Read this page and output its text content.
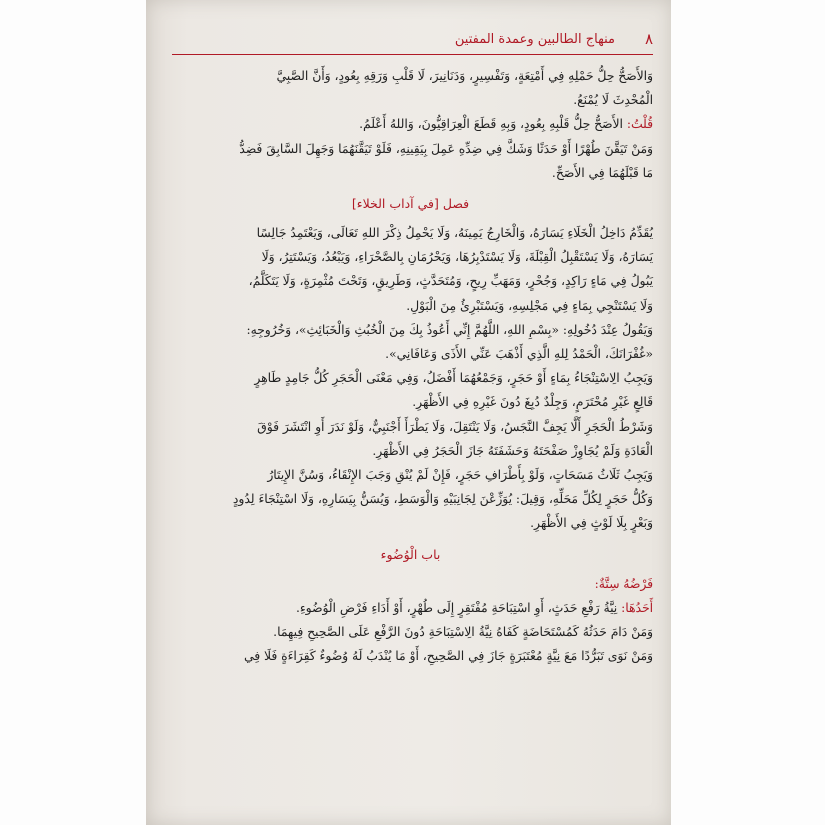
٨
منهاج الطالبين وعمدة المفتين

وَالأَصَحُّ حِلُّ حَمْلِهِ فِي أَمْتِعَةٍ، وَتَفْسِيرٍ، وَدَنَانِيرَ، لَا قَلْبِ وَرَقِهِ بِعُودٍ، وَأَنَّ الصَّبِيَّ

الْمُحْدِثَ لَا يُمْنَعُ.

قُلْتُ: الأَصَحُّ حِلُّ قَلْبِهِ بِعُودٍ، وَبِهِ قَطَعَ الْعِرَاقِيُّونَ، وَاللهُ أَعْلَمُ.

وَمَنْ تَيَقَّنَ طُهْرًا أَوْ حَدَثًا وَشَكَّ فِي ضِدِّهِ عَمِلَ بِيَقِينِهِ، فَلَوْ تَيَقَّنَهُمَا وَجَهِلَ السَّابِقَ فَضِدُّ

مَا قَبْلَهُمَا فِي الأَصَحِّ.

فصل [في آداب الخلاء]

يُقَدِّمُ دَاخِلُ الْخَلَاءِ يَسَارَهُ، وَالْخَارِجُ يَمِينَهُ، وَلَا يَحْمِلُ ذِكْرَ اللهِ تَعَالَى، وَيَعْتَمِدُ جَالِسًا

يَسَارَهُ، وَلَا يَسْتَقْبِلُ الْقِبْلَةَ، وَلَا يَسْتَدْبِرُهَا، وَيَحْرُمَانِ بِالصَّحْرَاءِ، وَيَبْعُدُ، وَيَسْتَتِرُ، وَلَا

يَبُولُ فِي مَاءٍ رَاكِدٍ، وَجُحْرٍ، وَمَهَبِّ رِيحٍ، وَمُتَحَدَّثٍ، وَطَرِيقٍ، وَتَحْتَ مُثْمِرَةٍ، وَلَا يَتَكَلَّمُ،

وَلَا يَسْتَنْجِي بِمَاءٍ فِي مَجْلِسِهِ، وَيَسْتَبْرِئُ مِنَ الْبَوْلِ.

وَيَقُولُ عِنْدَ دُخُولِهِ: «بِسْمِ اللهِ، اللَّهُمَّ إِنِّي أَعُوذُ بِكَ مِنَ الْخُبُثِ وَالْخَبَائِثِ»، وَخُرُوجِهِ:

«غُفْرَانَكَ، الْحَمْدُ لِلهِ الَّذِي أَذْهَبَ عَنِّي الأَذَى وَعَافَانِي».

وَيَجِبُ الِاسْتِنْجَاءُ بِمَاءٍ أَوْ حَجَرٍ، وَجَمْعُهُمَا أَفْضَلُ، وَفِي مَعْنَى الْحَجَرِ كُلُّ جَامِدٍ طَاهِرٍ

قَالِعٍ غَيْرِ مُحْتَرَمٍ، وَجِلْدٌ دُبِغَ دُونَ غَيْرِهِ فِي الأَظْهَرِ.

وَشَرْطُ الْحَجَرِ أَلَّا يَجِفَّ النَّجَسُ، وَلَا يَنْتَقِلَ، وَلَا يَطْرَأَ أَجْنَبِيٌّ، وَلَوْ نَدَرَ أَوِ انْتَشَرَ فَوْقَ

الْعَادَةِ وَلَمْ يُجَاوِزْ صَفْحَتَهُ وَحَشَفَتَهُ جَازَ الْحَجَرُ فِي الأَظْهَرِ.

وَيَجِبُ ثَلَاثُ مَسَحَاتٍ، وَلَوْ بِأَطْرَافِ حَجَرٍ، فَإِنْ لَمْ يُنْقِ وَجَبَ الإِنْقَاءُ، وَسُنَّ الإِيتَارُ

وَكُلُّ حَجَرٍ لِكُلِّ مَحَلِّهِ، وَقِيلَ: يُوَزِّعْنَ لِجَانِبَيْهِ وَالْوَسَطِ، وَيُسَنُّ بِيَسَارِهِ، وَلَا اسْتِنْجَاءَ لِدُودٍ

وَبَعْرٍ بِلَا لَوْثٍ فِي الأَظْهَرِ.

باب الْوُضُوء

فَرْضُهُ سِتَّةٌ:

أَحَدُهَا: نِيَّةُ رَفْعِ حَدَثٍ، أَوِ اسْتِبَاحَةِ مُفْتَقِرٍ إِلَى طُهْرٍ، أَوْ أَدَاءِ فَرْضِ الْوُضُوءِ.

وَمَنْ دَامَ حَدَثُهُ كَمُسْتَحَاضَةٍ كَفَاهُ نِيَّةُ الِاسْتِبَاحَةِ دُونَ الرَّفْعِ عَلَى الصَّحِيحِ فِيهِمَا.

وَمَنْ نَوَى تَبَرُّدًا مَعَ نِيَّةٍ مُعْتَبَرَةٍ جَازَ فِي الصَّحِيحِ، أَوْ مَا يُنْدَبُ لَهُ وُضُوءٌ كَقِرَاءَةٍ فَلَا فِي
